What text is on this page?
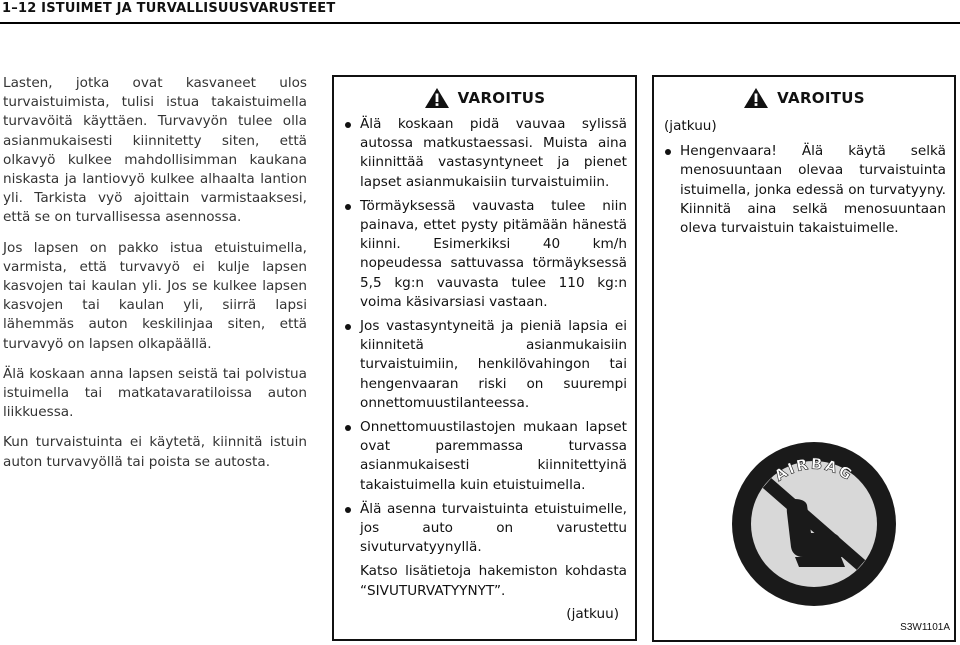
1–12 ISTUIMET JA TURVALLISUUSVARUSTEET

Lasten, jotka ovat kasvaneet ulos turvaistuimista, tulisi istua takaistuimella turvavöitä käyttäen. Turvavyön tulee olla asianmukaisesti kiinnitetty siten, että olkavyö kulkee mahdollisimman kaukana niskasta ja lantiovyö kulkee alhaalta lantion yli. Tarkista vyö ajoittain varmistaaksesi, että se on turvallisessa asennossa.

Jos lapsen on pakko istua etuistuimella, varmista, että turvavyö ei kulje lapsen kasvojen tai kaulan yli. Jos se kulkee lapsen kasvojen tai kaulan yli, siirrä lapsi lähemmäs auton keskilinjaa siten, että turvavyö on lapsen olkapäällä.

Älä koskaan anna lapsen seistä tai polvistua istuimella tai matkatavaratiloissa auton liikkuessa.

Kun turvaistuinta ei käytetä, kiinnitä istuin auton turvavyöllä tai poista se autosta.

VAROITUS
Älä koskaan pidä vauvaa sylissä autossa matkustaessasi. Muista aina kiinnittää vastasyntyneet ja pienet lapset asianmukaisiin turvaistuimiin.
Törmäyksessä vauvasta tulee niin painava, ettet pysty pitämään hänestä kiinni. Esimerkiksi 40 km/h nopeudessa sattuvassa törmäyksessä 5,5 kg:n vauvasta tulee 110 kg:n voima käsivarsiasi vastaan.
Jos vastasyntyneitä ja pieniä lapsia ei kiinnitetä asianmukaisiin turvaistuimiin, henkilövahingon tai hengenvaaran riski on suurempi onnettomuustilanteessa.
Onnettomuustilastojen mukaan lapset ovat paremmassa turvassa asianmukaisesti kiinnitettyinä takaistuimella kuin etuistuimella.
Älä asenna turvaistuinta etuistuimelle, jos auto on varustettu sivuturvatyynyllä.
Katso lisätietoja hakemiston kohdasta “SIVUTURVATYYNYT”.
(jatkuu)
VAROITUS
(jatkuu)
Hengenvaara! Älä käytä selkä menosuuntaan olevaa turvaistuinta istuimella, jonka edessä on turvatyyny. Kiinnitä aina selkä menosuuntaan oleva turvaistuin takaistuimelle.
AIRBAG
S3W1101A
